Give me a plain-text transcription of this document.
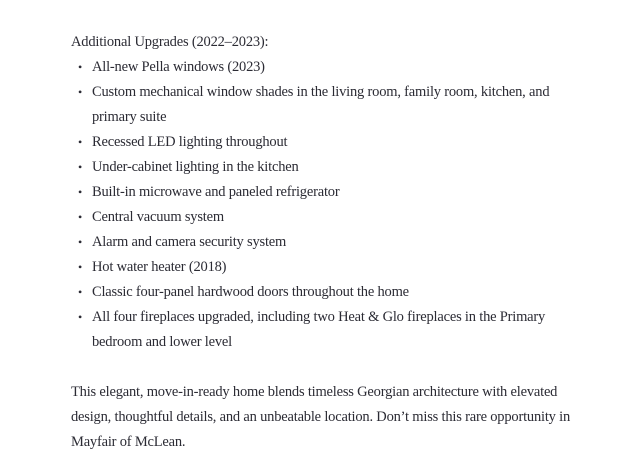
Additional Upgrades (2022–2023):

• All-new Pella windows (2023)
• Custom mechanical window shades in the living room, family room, kitchen, and primary suite
• Recessed LED lighting throughout
• Under-cabinet lighting in the kitchen
• Built-in microwave and paneled refrigerator
• Central vacuum system
• Alarm and camera security system
• Hot water heater (2018)
• Classic four-panel hardwood doors throughout the home
• All four fireplaces upgraded, including two Heat & Glo fireplaces in the Primary bedroom and lower level

This elegant, move-in-ready home blends timeless Georgian architecture with elevated design, thoughtful details, and an unbeatable location. Don’t miss this rare opportunity in Mayfair of McLean.
